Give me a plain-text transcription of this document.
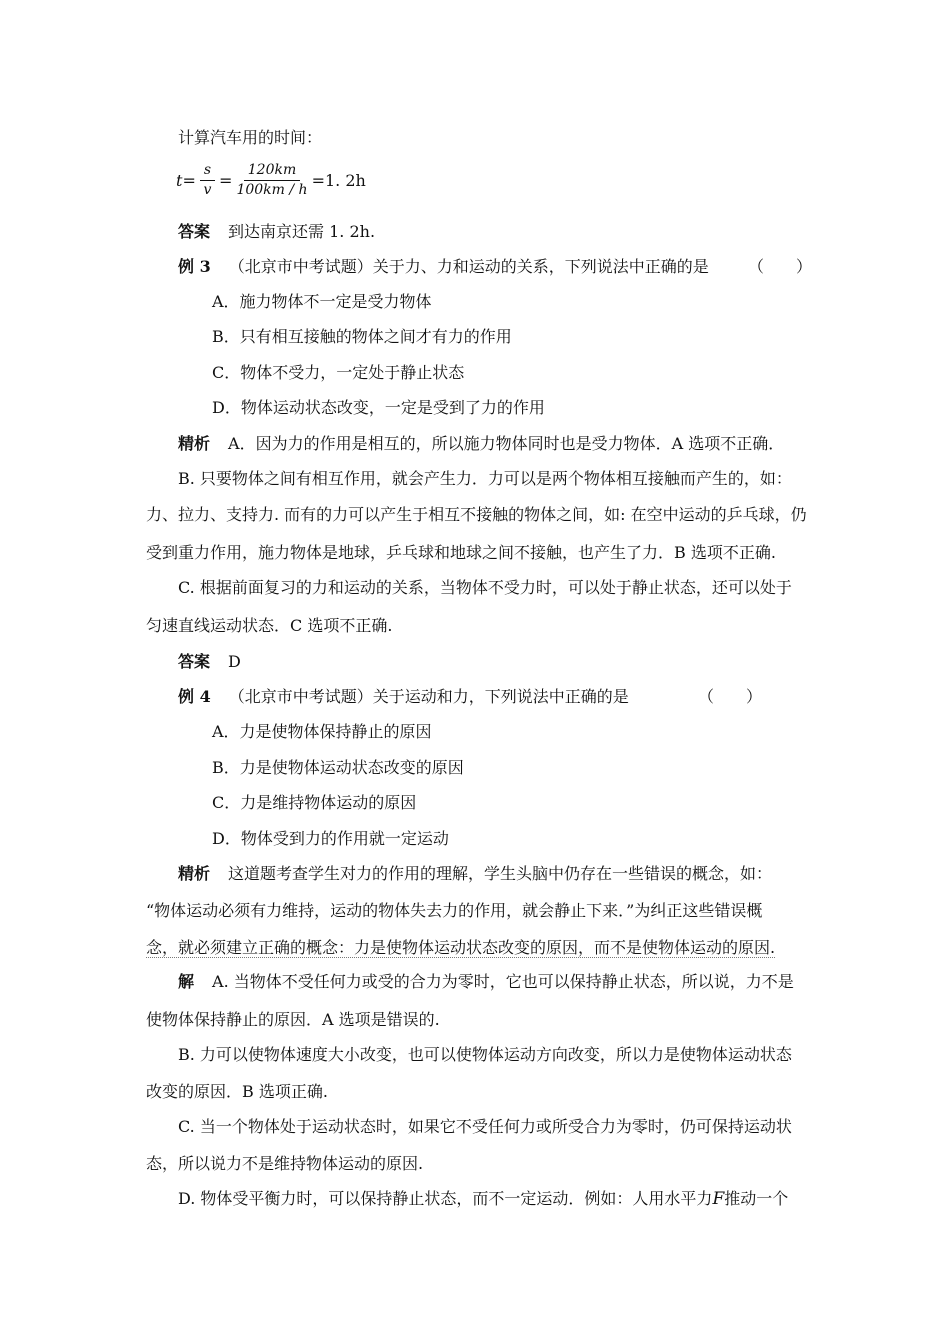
计算汽车用的时间：
$t = \frac{s}{v} = \frac{120km}{100km / h} =1$. 2h
答案 到达南京还需 1. 2h.
例 3 （北京市中考试题）关于力、力和运动的关系，下列说法中正确的是 （　　）
A．施力物体不一定是受力物体
B．只有相互接触的物体之间才有力的作用
C．物体不受力，一定处于静止状态
D．物体运动状态改变，一定是受到了力的作用
精析 A．因为力的作用是相互的，所以施力物体同时也是受力物体．A 选项不正确．
B. 只要物体之间有相互作用，就会产生力．力可以是两个物体相互接触而产生的，如：
力、拉力、支持力. 而有的力可以产生于相互不接触的物体之间，如: 在空中运动的乒乓球，仍
受到重力作用，施力物体是地球，乒乓球和地球之间不接触，也产生了力．B 选项不正确.
C. 根据前面复习的力和运动的关系，当物体不受力时，可以处于静止状态，还可以处于
匀速直线运动状态．C 选项不正确.
答案 D
例 4 （北京市中考试题）关于运动和力，下列说法中正确的是	（　　）
A．力是使物体保持静止的原因
B．力是使物体运动状态改变的原因
C．力是维持物体运动的原因
D．物体受到力的作用就一定运动
精析 这道题考查学生对力的作用的理解，学生头脑中仍存在一些错误的概念，如：
“物体运动必须有力维持，运动的物体失去力的作用，就会静止下来．”为纠正这些错误概
念，就必须建立正确的概念：力是使物体运动状态改变的原因，而不是使物体运动的原因.
解 A. 当物体不受任何力或受的合力为零时，它也可以保持静止状态，所以说，力不是
使物体保持静止的原因．A 选项是错误的.
B. 力可以使物体速度大小改变，也可以使物体运动方向改变，所以力是使物体运动状态
改变的原因．B 选项正确.
C. 当一个物体处于运动状态时，如果它不受任何力或所受合力为零时，仍可保持运动状
态，所以说力不是维持物体运动的原因.
D. 物体受平衡力时，可以保持静止状态，而不一定运动．例如：人用水平力F推动一个
